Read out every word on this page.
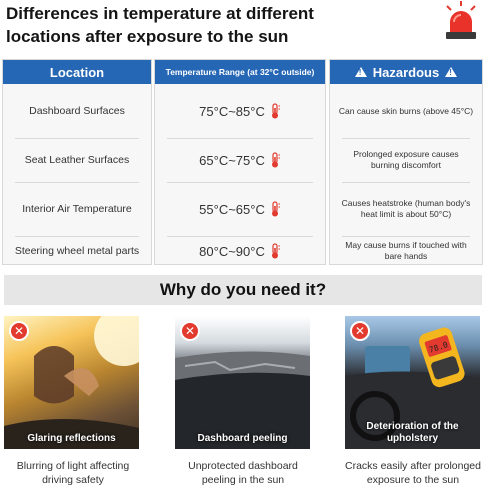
Differences in temperature at different locations after exposure to the sun
Location
Dashboard Surfaces
Seat Leather Surfaces
Interior Air Temperature
Steering wheel metal parts
Temperature Range (at 32°C outside)
75°C~85°C
65°C~75°C
55°C~65°C
80°C~90°C
!
Hazardous
!
Can cause skin burns (above 45°C)
Prolonged exposure causes burning discomfort
Causes heatstroke (human body's heat limit is about 50°C)
May cause burns if touched with bare hands
Why do you need it?
✕
Glaring reflections
✕
Dashboard peeling
78.0
✕
Deterioration of the upholstery
Blurring of light affecting driving safety
Unprotected dashboard peeling in the sun
Cracks easily after prolonged exposure to the sun
